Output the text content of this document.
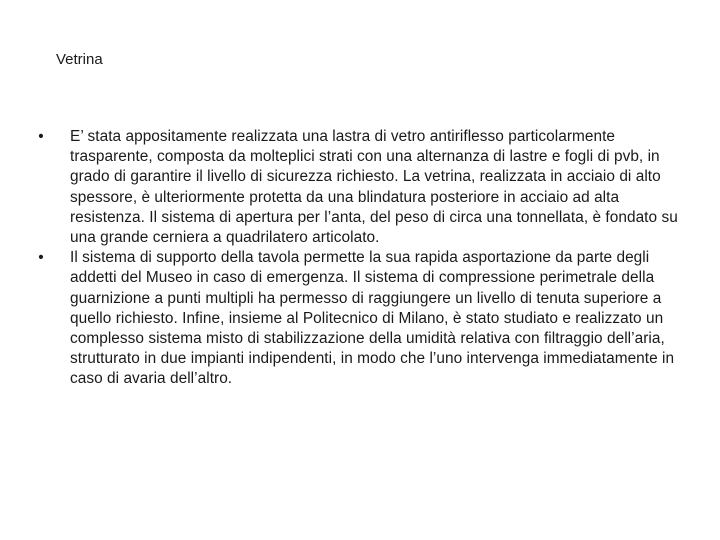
Vetrina
• E’ stata appositamente realizzata una lastra di vetro antiriflesso particolarmente trasparente, composta da molteplici strati con una alternanza di lastre e fogli di pvb, in grado di garantire il livello di sicurezza richiesto. La vetrina, realizzata in acciaio di alto spessore, è ulteriormente protetta da una blindatura posteriore in acciaio ad alta resistenza. Il sistema di apertura per l’anta, del peso di circa una tonnellata, è fondato su una grande cerniera a quadrilatero articolato.
• Il sistema di supporto della tavola permette la sua rapida asportazione da parte degli addetti del Museo in caso di emergenza. Il sistema di compressione perimetrale della guarnizione a punti multipli ha permesso di raggiungere un livello di tenuta superiore a quello richiesto. Infine, insieme al Politecnico di Milano, è stato studiato e realizzato un complesso sistema misto di stabilizzazione della umidità relativa con filtraggio dell’aria, strutturato in due impianti indipendenti, in modo che l’uno intervenga immediatamente in caso di avaria dell’altro.
